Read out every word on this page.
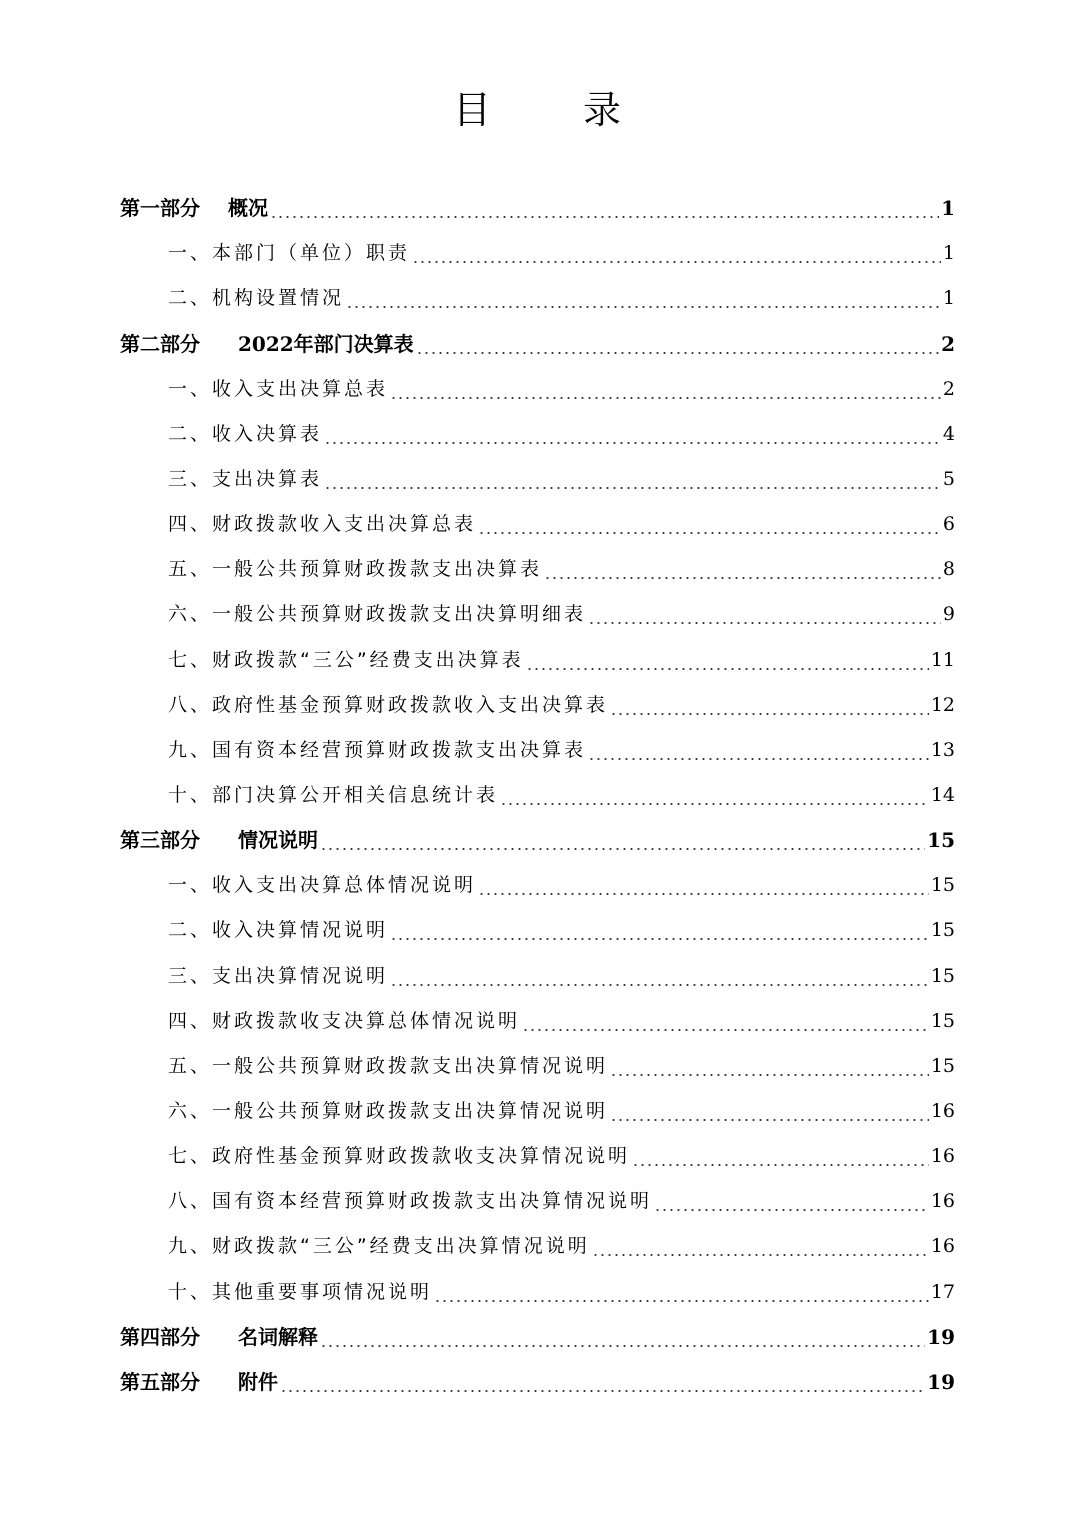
目 录
第一部分 概况	1
一、本部门（单位）职责	1
二、机构设置情况	1
第二部分 2022年部门决算表	2
一、收入支出决算总表	2
二、收入决算表	4
三、支出决算表	5
四、财政拨款收入支出决算总表	6
五、一般公共预算财政拨款支出决算表	8
六、一般公共预算财政拨款支出决算明细表	9
七、财政拨款“三公”经费支出决算表	11
八、政府性基金预算财政拨款收入支出决算表	12
九、国有资本经营预算财政拨款支出决算表	13
十、部门决算公开相关信息统计表	14
第三部分 情况说明	15
一、收入支出决算总体情况说明	15
二、收入决算情况说明	15
三、支出决算情况说明	15
四、财政拨款收支决算总体情况说明	15
五、一般公共预算财政拨款支出决算情况说明	15
六、一般公共预算财政拨款支出决算情况说明	16
七、政府性基金预算财政拨款收支决算情况说明	16
八、国有资本经营预算财政拨款支出决算情况说明	16
九、财政拨款“三公”经费支出决算情况说明	16
十、其他重要事项情况说明	17
第四部分 名词解释	19
第五部分 附件	19
